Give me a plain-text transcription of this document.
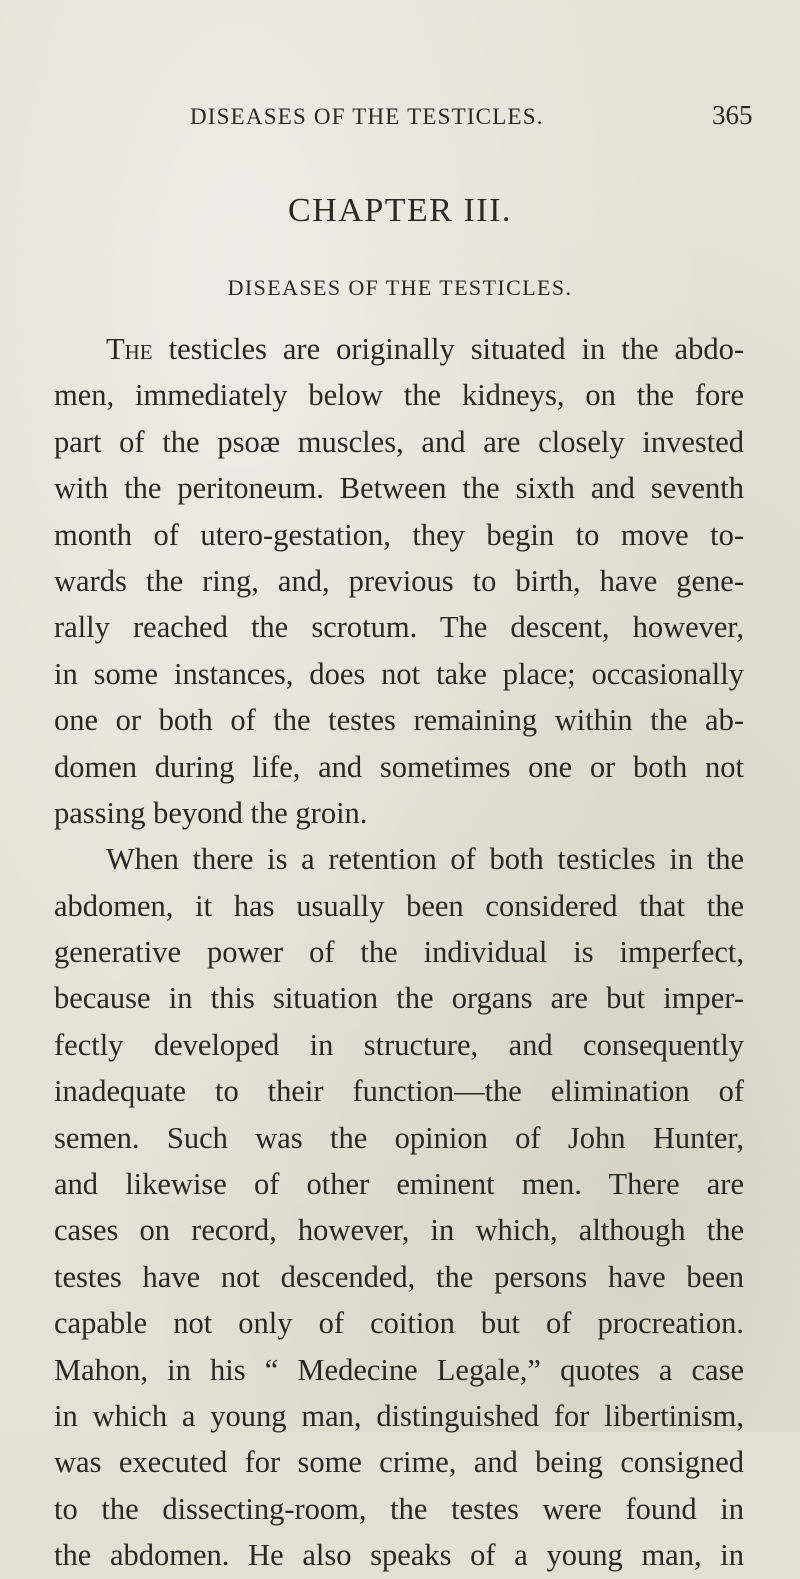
DISEASES OF THE TESTICLES.	365
CHAPTER III.
DISEASES OF THE TESTICLES.
The testicles are originally situated in the abdo-
men, immediately below the kidneys, on the fore
part of the psoæ muscles, and are closely invested
with the peritoneum. Between the sixth and seventh
month of utero-gestation, they begin to move to-
wards the ring, and, previous to birth, have gene-
rally reached the scrotum. The descent, however,
in some instances, does not take place; occasionally
one or both of the testes remaining within the ab-
domen during life, and sometimes one or both not
passing beyond the groin.
When there is a retention of both testicles in the
abdomen, it has usually been considered that the
generative power of the individual is imperfect,
because in this situation the organs are but imper-
fectly developed in structure, and consequently
inadequate to their function—the elimination of
semen. Such was the opinion of John Hunter,
and likewise of other eminent men. There are
cases on record, however, in which, although the
testes have not descended, the persons have been
capable not only of coition but of procreation.
Mahon, in his “ Medecine Legale,” quotes a case
in which a young man, distinguished for libertinism,
was executed for some crime, and being consigned
to the dissecting-room, the testes were found in
the abdomen. He also speaks of a young man, in
